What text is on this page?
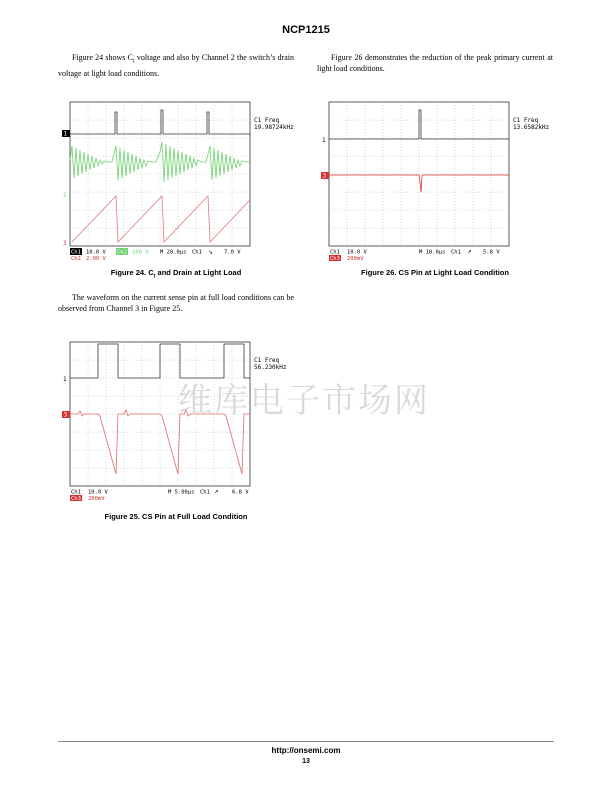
NCP1215

Figure 24 shows $C_t$ voltage and also by Channel 2 the switch’s drain voltage at light load conditions.

Figure 26 demonstrates the reduction of the peak primary current at light load conditions.

The waveform on the current sense pin at full load conditions can be observed from Channel 3 in Figure 25.

1
2
3
C1 Freq
19.98724kHz
Ch1 10.0 V Ch2 100 V M 20.0µs Ch1 ↘ 7.0 V
Ch2 2.00 V
Figure 24. $C_t$ and Drain at Light Load
1
3
C1 Freq
13.6582kHz
Ch1 10.0 V	M 10.0µs Ch1 ↗ 5.8 V
Ch3 200mV
Figure 26. CS Pin at Light Load Condition
1
3
C1 Freq
56.230kHz
Ch1 10.0 V	M 5.00µs Ch1 ↗ 6.8 V
Ch3 200mV
Figure 25. CS Pin at Full Load Condition
维库电子市场网
http://onsemi.com
13
